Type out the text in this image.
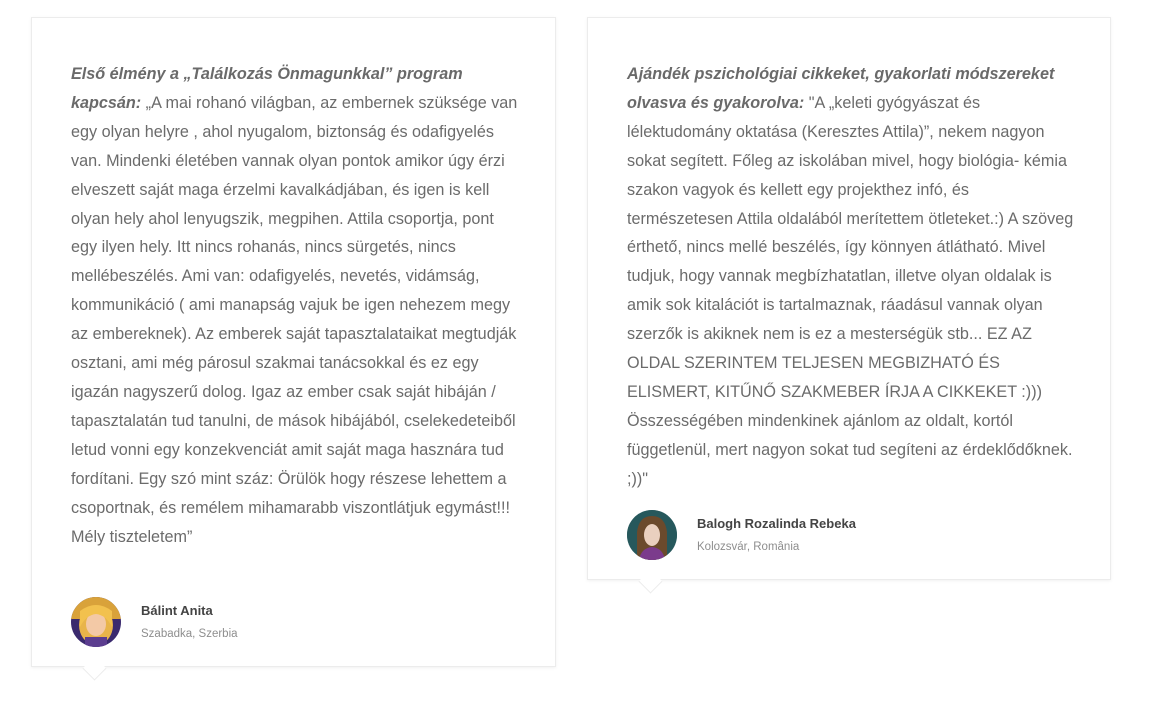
Első élmény a „Találkozás Önmagunkkal” program kapcsán: „A mai rohanó világban, az embernek szüksége van egy olyan helyre , ahol nyugalom, biztonság és odafigyelés van. Mindenki életében vannak olyan pontok amikor úgy érzi elveszett saját maga érzelmi kavalkádjában, és igen is kell olyan hely ahol lenyugszik, megpihen. Attila csoportja, pont egy ilyen hely. Itt nincs rohanás, nincs sürgetés, nincs mellébeszélés. Ami van: odafigyelés, nevetés, vidámság, kommunikáció ( ami manapság vajuk be igen nehezem megy az embereknek). Az emberek saját tapasztalataikat megtudják osztani, ami még párosul szakmai tanácsokkal és ez egy igazán nagyszerű dolog. Igaz az ember csak saját hibáján / tapasztalatán tud tanulni, de mások hibájából, cselekedeteiből letud vonni egy konzekvenciát amit saját maga hasznára tud fordítani. Egy szó mint száz: Örülök hogy részese lehettem a csoportnak, és remélem mihamarabb viszontlátjuk egymást!!! Mély tiszteletem”

Bálint Anita
Szabadka, Szerbia

Ajándék pszichológiai cikkeket, gyakorlati módszereket olvasva és gyakorolva: "A „keleti gyógyászat és lélektudomány oktatása (Keresztes Attila)”, nekem nagyon sokat segített. Főleg az iskolában mivel, hogy biológia- kémia szakon vagyok és kellett egy projekthez infó, és természetesen Attila oldalából merítettem ötleteket.:) A szöveg érthető, nincs mellé beszélés, így könnyen átlátható. Mivel tudjuk, hogy vannak megbízhatatlan, illetve olyan oldalak is amik sok kitalációt is tartalmaznak, ráadásul vannak olyan szerzők is akiknek nem is ez a mesterségük stb... EZ AZ OLDAL SZERINTEM TELJESEN MEGBIZHATÓ ÉS ELISMERT, KITŰNŐ SZAKMEBER ÍRJA A CIKKEKET :))) Összességében mindenkinek ajánlom az oldalt, kortól függetlenül, mert nagyon sokat tud segíteni az érdeklődőknek. ;))"

Balogh Rozalinda Rebeka
Kolozsvár, România
